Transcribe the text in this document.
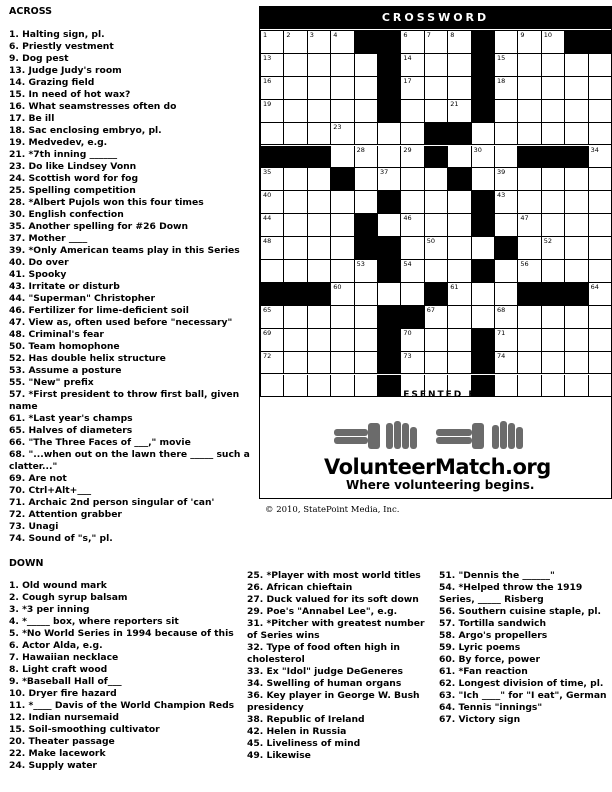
ACROSS

1. Halting sign, pl.

6. Priestly vestment

9. Dog pest

13. Judge Judy's room

14. Grazing field

15. In need of hot wax?

16. What seamstresses often do

17. Be ill

18. Sac enclosing embryo, pl.

19. Medvedev, e.g.

21. *7th inning ______

23. Do like Lindsey Vonn

24. Scottish word for fog

25. Spelling competition

28. *Albert Pujols won this four times

30. English confection

35. Another spelling for #26 Down

37. Mother ____

39. *Only American teams play in this Series

40. Do over

41. Spooky

43. Irritate or disturb

44. "Superman" Christopher

46. Fertilizer for lime-deficient soil

47. View as, often used before "necessary"

48. Criminal's fear

50. Team homophone

52. Has double helix structure

53. Assume a posture

55. "New" prefix

57. *First president to throw first ball, given name

61. *Last year's champs

65. Halves of diameters

66. "The Three Faces of ___," movie

68. "...when out on the lawn there _____ such a clatter..."

69. Are not

70. Ctrl+Alt+___

71. Archaic 2nd person singular of 'can'

72. Attention grabber

73. Unagi

74. Sound of "s," pl.

DOWN

1. Old wound mark

2. Cough syrup balsam

3. *3 per inning

4. *_____ box, where reporters sit

5. *No World Series in 1994 because of this

6. Actor Alda, e.g.

7. Hawaiian necklace

8. Light craft wood

9. *Baseball Hall of___

10. Dryer fire hazard

11. *____ Davis of the World Champion Reds

12. Indian nursemaid

15. Soil-smoothing cultivator

20. Theater passage

22. Make lacework

24. Supply water

25. *Player with most world titles

26. African chieftain

27. Duck valued for its soft down

29. Poe's "Annabel Lee", e.g.

31. *Pitcher with greatest number of Series wins

32. Type of food often high in cholesterol

33. Ex "Idol" judge DeGeneres

34. Swelling of human organs

36. Key player in George W. Bush presidency

38. Republic of Ireland

42. Helen in Russia

45. Liveliness of mind

49. Likewise

51. "Dennis the ______"

54. *Helped throw the 1919 Series, _____ Risberg

56. Southern cuisine staple, pl.

57. Tortilla sandwich

58. Argo's propellers

59. Lyric poems

60. By force, power

61. *Fan reaction

62. Longest division of time, pl.

63. "Ich ____" for "I eat", German

64. Tennis "innings"

67. Victory sign

CROSSWORD
1	2	3	4	6	7	8	9	10
13	14	15
16	17	18
19	21
23
28	29	30	34
35	37	39
40	43
44	46	47
48	50	52
53	54	56
60	61	64
65	67	68
69	70	71
72	73	74
PRESENTED BY
VolunteerMatch.org
Where volunteering begins.
© 2010, StatePoint Media, Inc.
